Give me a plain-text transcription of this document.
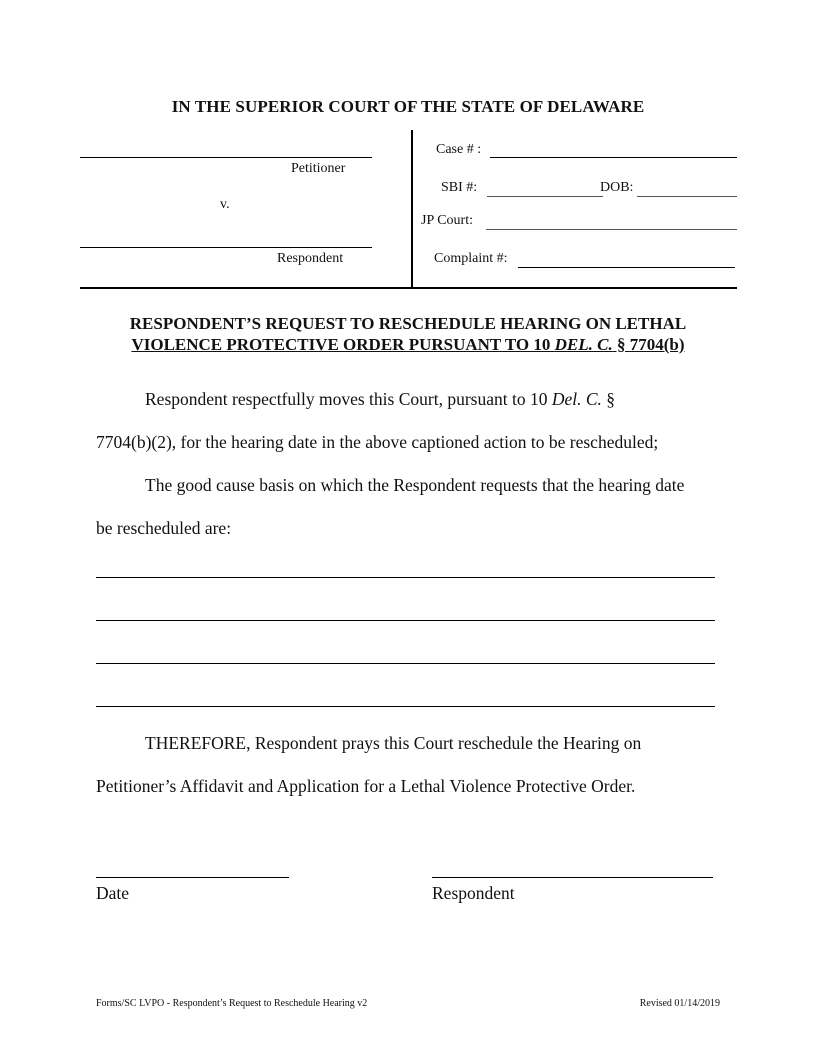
IN THE SUPERIOR COURT OF THE STATE OF DELAWARE
Petitioner
v.
Respondent
Case # :
SBI #:	DOB:
JP Court:
Complaint #:
RESPONDENT’S REQUEST TO RESCHEDULE HEARING ON LETHAL
VIOLENCE PROTECTIVE ORDER PURSUANT TO 10 DEL. C. § 7704(b)
Respondent respectfully moves this Court, pursuant to 10 Del. C. §
7704(b)(2), for the hearing date in the above captioned action to be rescheduled;
The good cause basis on which the Respondent requests that the hearing date
be rescheduled are:
THEREFORE, Respondent prays this Court reschedule the Hearing on
Petitioner’s Affidavit and Application for a Lethal Violence Protective Order.
Date	Respondent
Forms/SC LVPO - Respondent’s Request to Reschedule Hearing v2	Revised 01/14/2019
